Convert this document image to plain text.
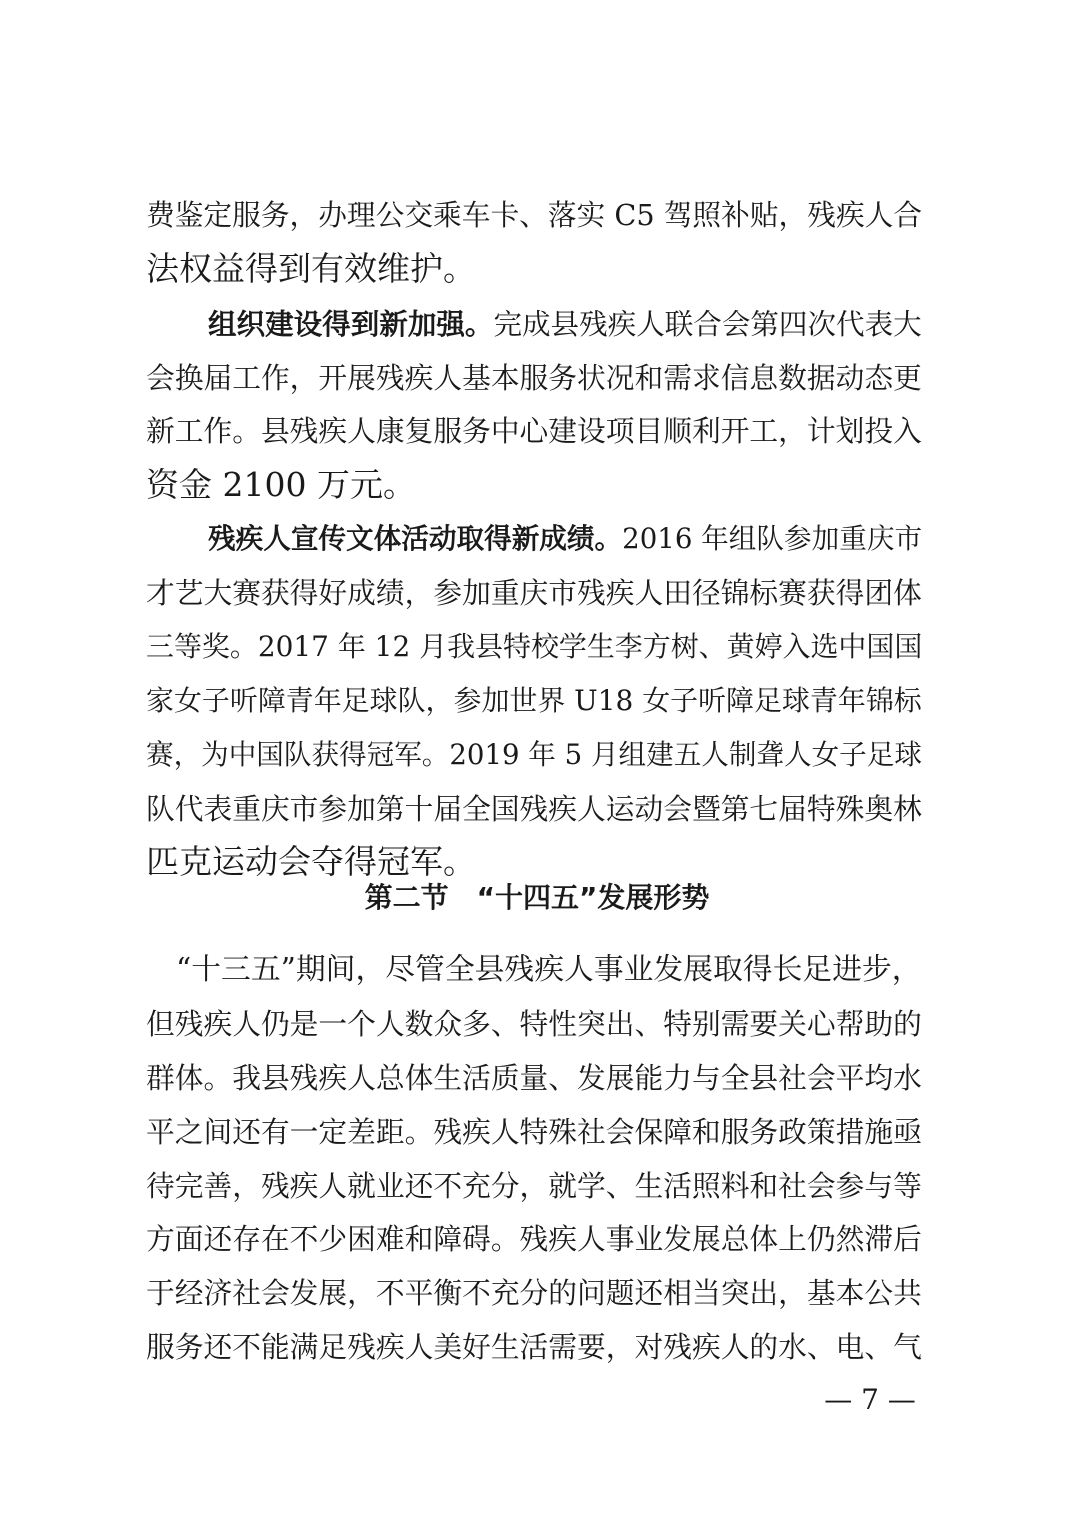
费鉴定服务，办理公交乘车卡、落实 C5 驾照补贴，残疾人合
法权益得到有效维护。
组织建设得到新加强。完成县残疾人联合会第四次代表大
会换届工作，开展残疾人基本服务状况和需求信息数据动态更
新工作。县残疾人康复服务中心建设项目顺利开工，计划投入
资金 2100 万元。
残疾人宣传文体活动取得新成绩。2016 年组队参加重庆市
才艺大赛获得好成绩，参加重庆市残疾人田径锦标赛获得团体
三等奖。2017 年 12 月我县特校学生李方树、黄婷入选中国国
家女子听障青年足球队，参加世界 U18 女子听障足球青年锦标
赛，为中国队获得冠军。2019 年 5 月组建五人制聋人女子足球
队代表重庆市参加第十届全国残疾人运动会暨第七届特殊奥林
匹克运动会夺得冠军。
第二节　“十四五”发展形势
“十三五”期间，尽管全县残疾人事业发展取得长足进步，
但残疾人仍是一个人数众多、特性突出、特别需要关心帮助的
群体。我县残疾人总体生活质量、发展能力与全县社会平均水
平之间还有一定差距。残疾人特殊社会保障和服务政策措施亟
待完善，残疾人就业还不充分，就学、生活照料和社会参与等
方面还存在不少困难和障碍。残疾人事业发展总体上仍然滞后
于经济社会发展，不平衡不充分的问题还相当突出，基本公共
服务还不能满足残疾人美好生活需要，对残疾人的水、电、气
— 7 —
